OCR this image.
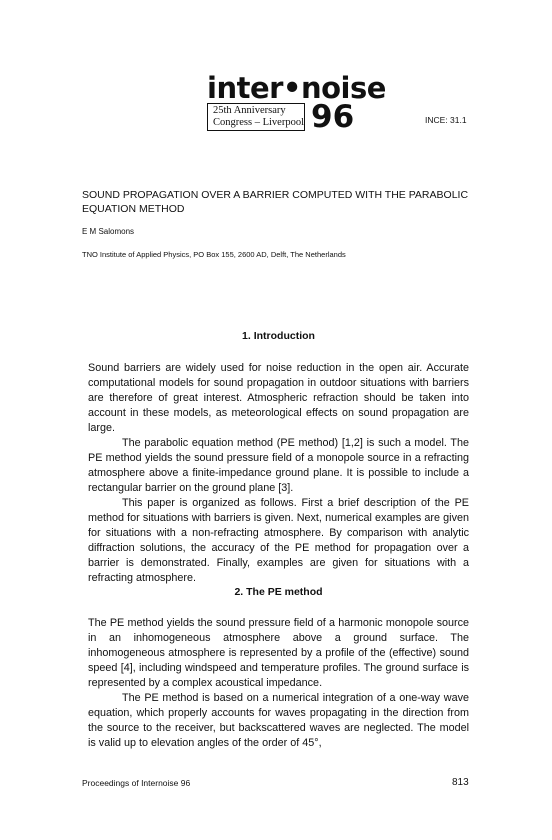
inter•noise
25th Anniversary
Congress – Liverpool 96	INCE: 31.1
SOUND PROPAGATION OVER A BARRIER COMPUTED WITH THE PARABOLIC EQUATION METHOD
E M Salomons
TNO Institute of Applied Physics, PO Box 155, 2600 AD, Delft, The Netherlands
1. Introduction

Sound barriers are widely used for noise reduction in the open air. Accurate computational models for sound propagation in outdoor situations with barriers are therefore of great interest. Atmospheric refraction should be taken into account in these models, as meteorological effects on sound propagation are large.

The parabolic equation method (PE method) [1,2] is such a model. The PE method yields the sound pressure field of a monopole source in a refracting atmosphere above a finite-impedance ground plane. It is possible to include a rectangular barrier on the ground plane [3].

This paper is organized as follows. First a brief description of the PE method for situations with barriers is given. Next, numerical examples are given for situations with a non-refracting atmosphere. By comparison with analytic diffraction solutions, the accuracy of the PE method for propagation over a barrier is demonstrated. Finally, examples are given for situations with a refracting atmosphere.

2. The PE method

The PE method yields the sound pressure field of a harmonic monopole source in an inhomogeneous atmosphere above a ground surface. The inhomogeneous atmosphere is represented by a profile of the (effective) sound speed [4], including windspeed and temperature profiles. The ground surface is represented by a complex acoustical impedance.

The PE method is based on a numerical integration of a one-way wave equation, which properly accounts for waves propagating in the direction from the source to the receiver, but backscattered waves are neglected. The model is valid up to elevation angles of the order of 45°,

Proceedings of Internoise 96	813
